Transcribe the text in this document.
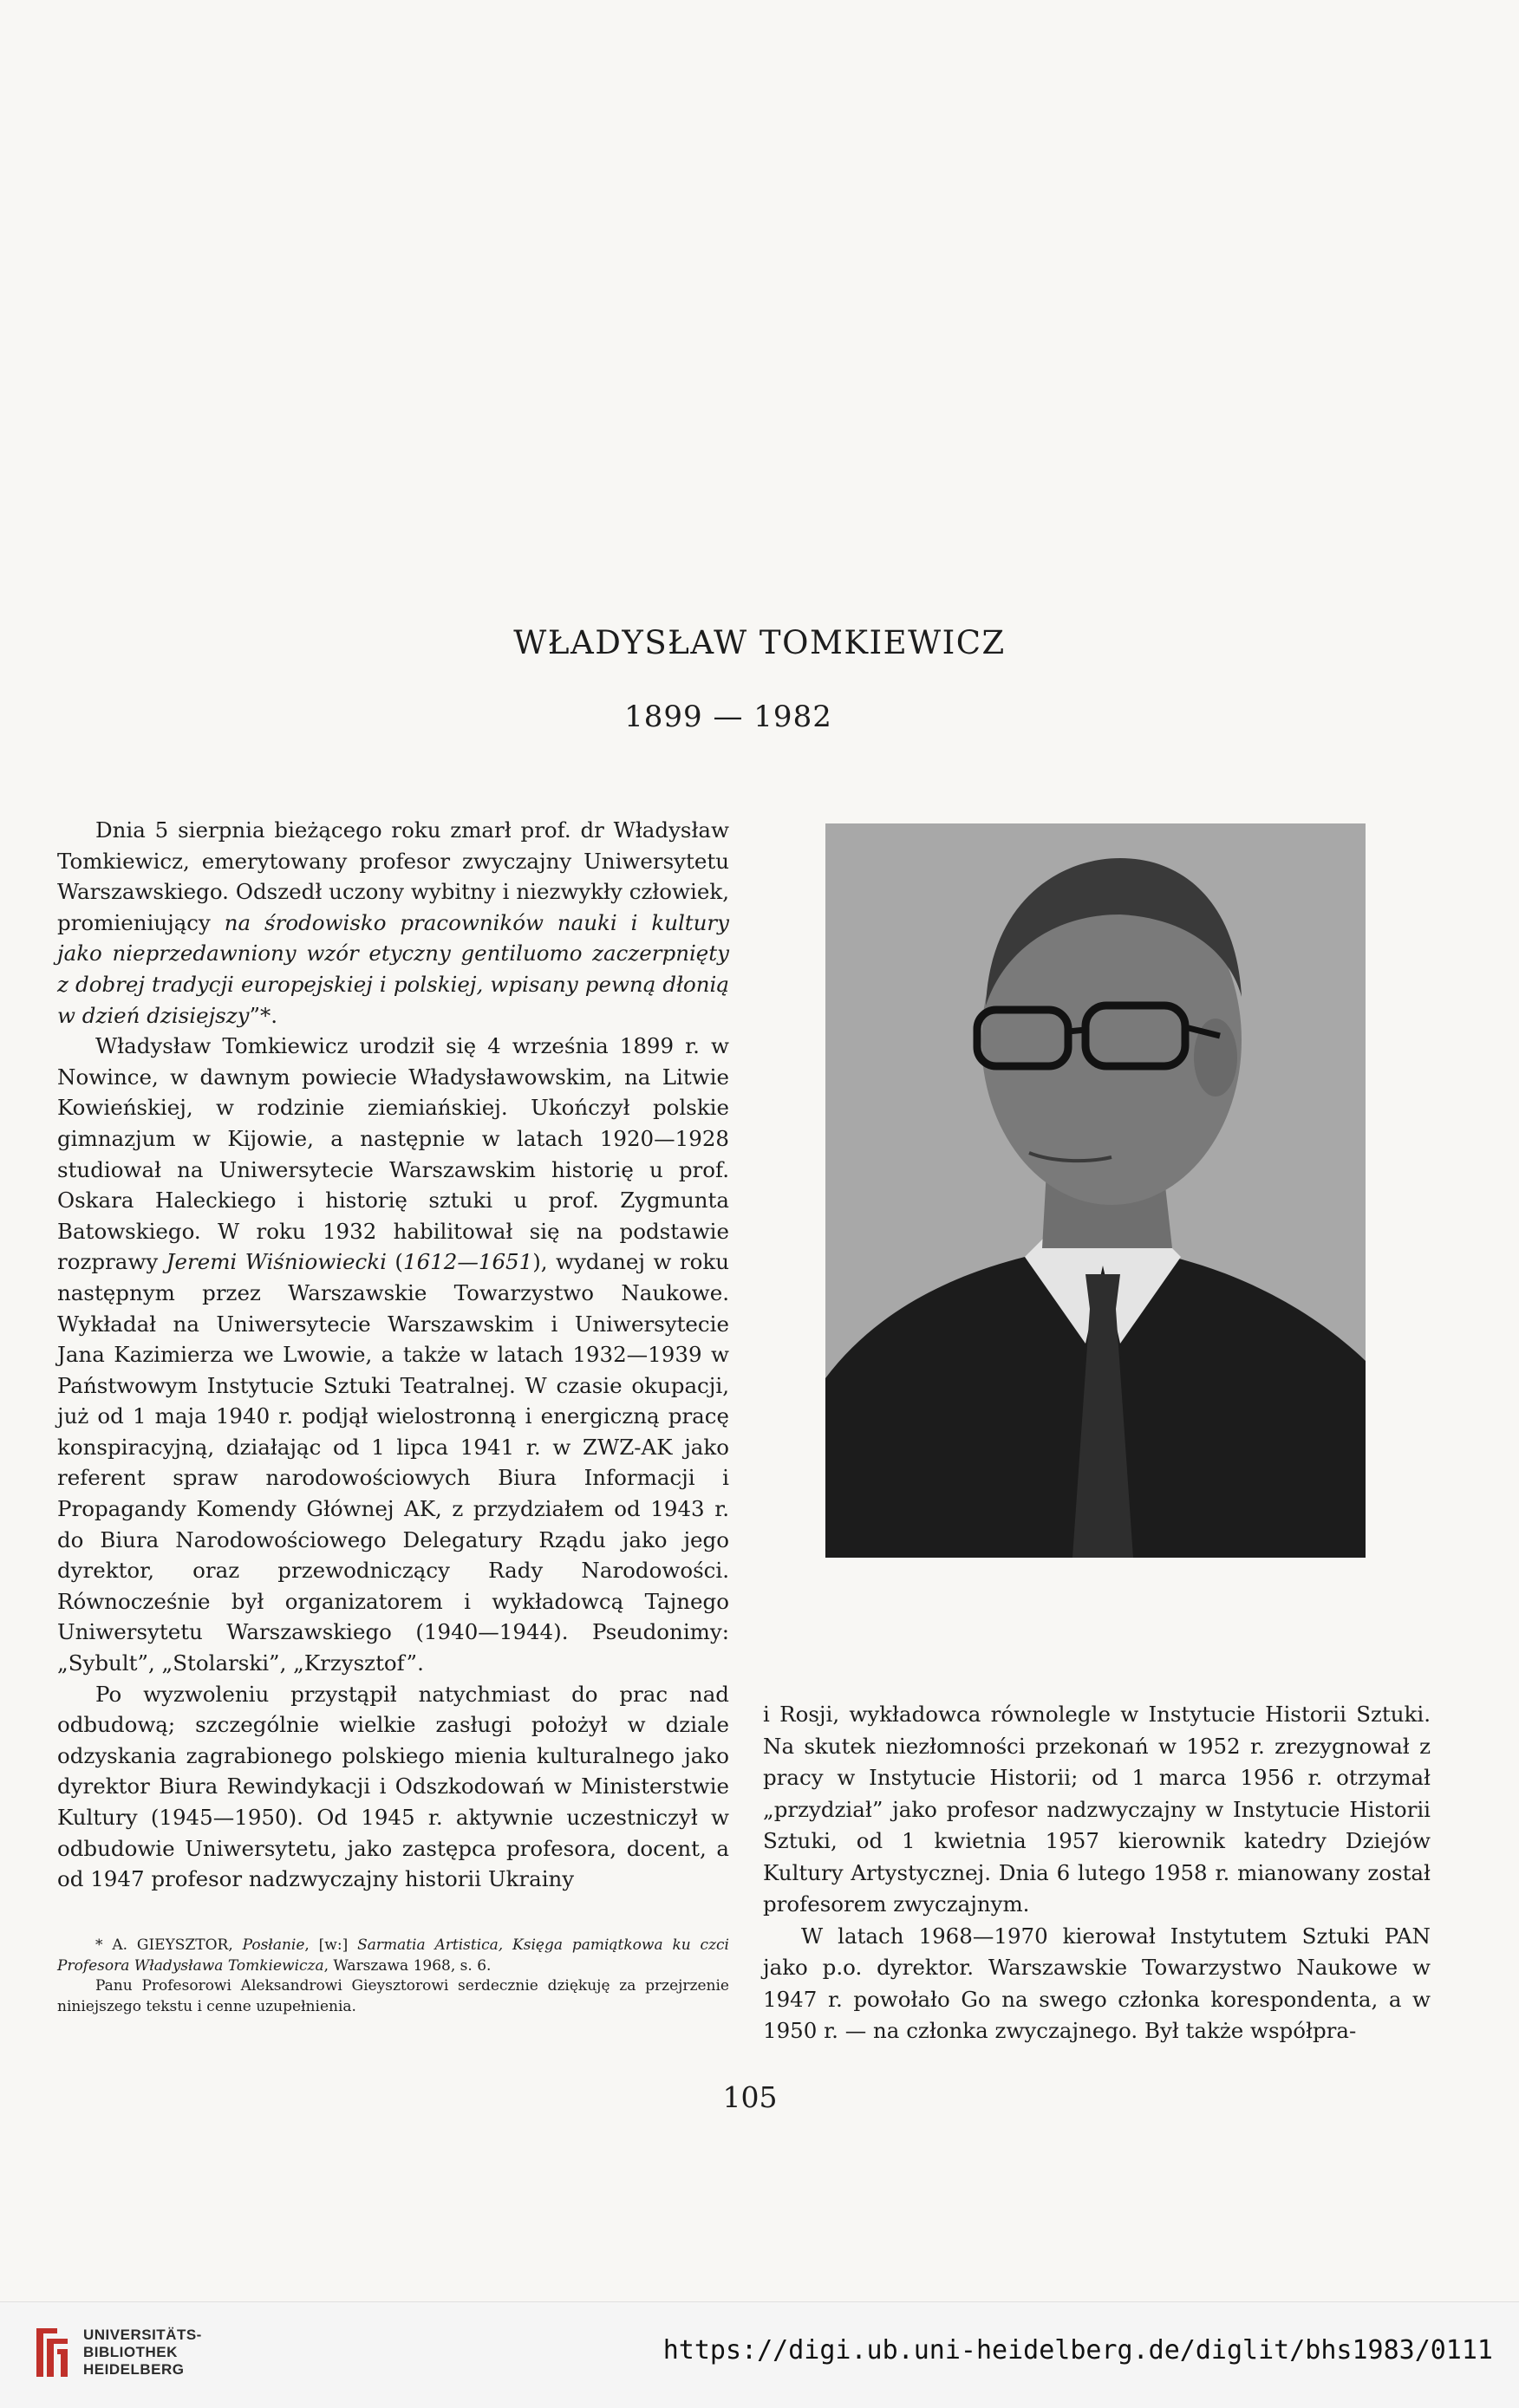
WŁADYSŁAW TOMKIEWICZ
1899 — 1982

Dnia 5 sierpnia bieżącego roku zmarł prof. dr Władysław Tomkiewicz, emerytowany profesor zwyczajny Uniwersytetu Warszawskiego. Odszedł uczony wybitny i niezwykły człowiek, promieniujący na środowisko pracowników nauki i kultury jako nieprzedawniony wzór etyczny gentiluomo zaczerpnięty z dobrej tradycji europejskiej i polskiej, wpisany pewną dłonią w dzień dzisiejszy”*.

Władysław Tomkiewicz urodził się 4 września 1899 r. w Nowince, w dawnym powiecie Władysławowskim, na Litwie Kowieńskiej, w rodzinie ziemiańskiej. Ukończył polskie gimnazjum w Kijowie, a następnie w latach 1920—1928 studiował na Uniwersytecie Warszawskim historię u prof. Oskara Haleckiego i historię sztuki u prof. Zygmunta Batowskiego. W roku 1932 habilitował się na podstawie rozprawy Jeremi Wiśniowiecki (1612—1651), wydanej w roku następnym przez Warszawskie Towarzystwo Naukowe. Wykładał na Uniwersytecie Warszawskim i Uniwersytecie Jana Kazimierza we Lwowie, a także w latach 1932—1939 w Państwowym Instytucie Sztuki Teatralnej. W czasie okupacji, już od 1 maja 1940 r. podjął wielostronną i energiczną pracę konspiracyjną, działając od 1 lipca 1941 r. w ZWZ-AK jako referent spraw narodowościowych Biura Informacji i Propagandy Komendy Głównej AK, z przydziałem od 1943 r. do Biura Narodowościowego Delegatury Rządu jako jego dyrektor, oraz przewodniczący Rady Narodowości. Równocześnie był organizatorem i wykładowcą Tajnego Uniwersytetu Warszawskiego (1940—1944). Pseudonimy: „Sybult”, „Stolarski”, „Krzysztof”.

Po wyzwoleniu przystąpił natychmiast do prac nad odbudową; szczególnie wielkie zasługi położył w dziale odzyskania zagrabionego polskiego mienia kulturalnego jako dyrektor Biura Rewindykacji i Odszkodowań w Ministerstwie Kultury (1945—1950). Od 1945 r. aktywnie uczestniczył w odbudowie Uniwersytetu, jako zastępca profesora, docent, a od 1947 profesor nadzwyczajny historii Ukrainy

i Rosji, wykładowca równolegle w Instytucie Historii Sztuki. Na skutek niezłomności przekonań w 1952 r. zrezygnował z pracy w Instytucie Historii; od 1 marca 1956 r. otrzymał „przydział” jako profesor nadzwyczajny w Instytucie Historii Sztuki, od 1 kwietnia 1957 kierownik katedry Dziejów Kultury Artystycznej. Dnia 6 lutego 1958 r. mianowany został profesorem zwyczajnym.

W latach 1968—1970 kierował Instytutem Sztuki PAN jako p.o. dyrektor. Warszawskie Towarzystwo Naukowe w 1947 r. powołało Go na swego członka korespondenta, a w 1950 r. — na członka zwyczajnego. Był także współpra-

* A. GIEYSZTOR, Posłanie, [w:] Sarmatia Artistica, Księga pamiątkowa ku czci Profesora Władysława Tomkiewicza, Warszawa 1968, s. 6.

Panu Profesorowi Aleksandrowi Gieysztorowi serdecznie dziękuję za przejrzenie niniejszego tekstu i cenne uzupełnienia.

105
UNIVERSITÄTS-
BIBLIOTHEK
HEIDELBERG
https://digi.ub.uni-heidelberg.de/diglit/bhs1983/0111
